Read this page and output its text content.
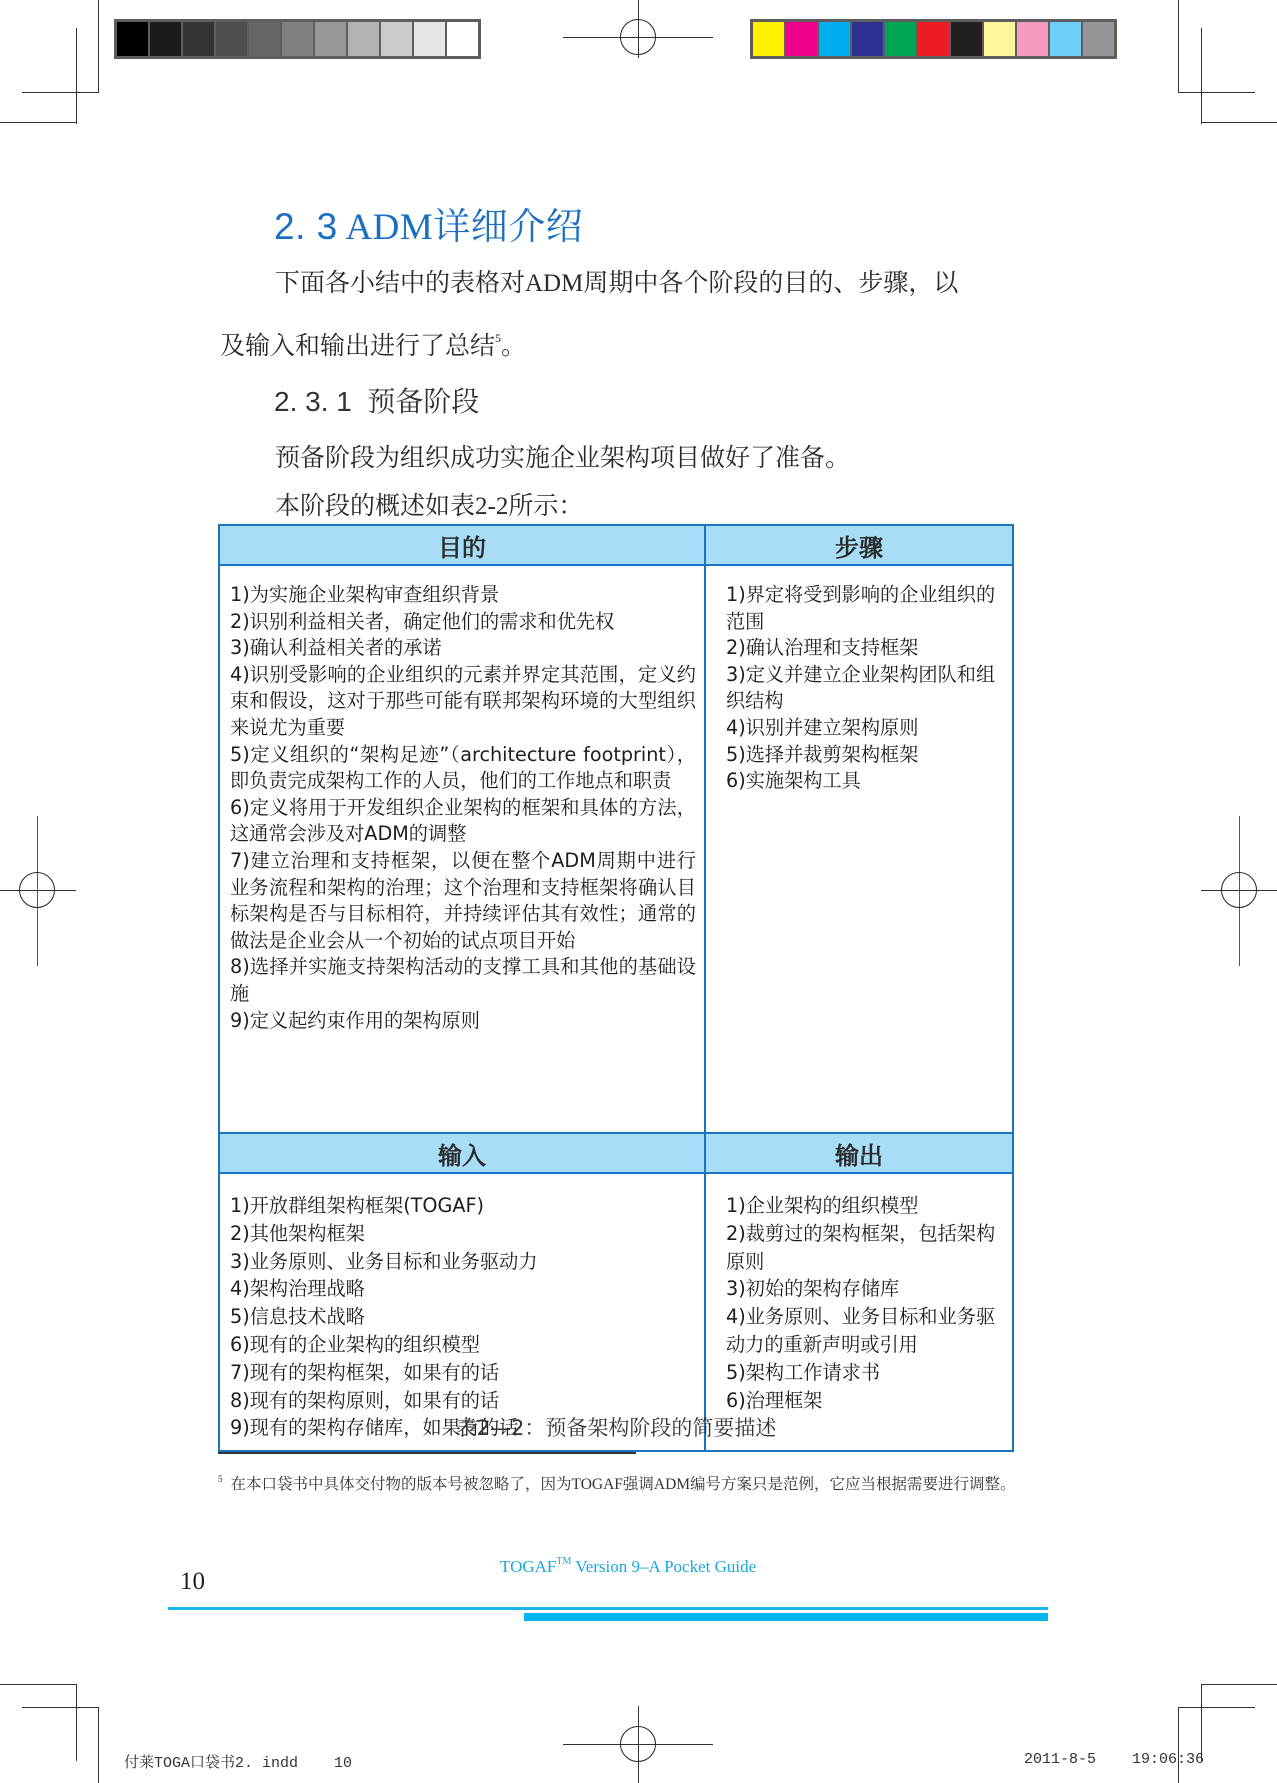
2. 3 ADM详细介绍
下面各小结中的表格对ADM周期中各个阶段的目的、步骤，以
及输入和输出进行了总结$^5$。
2. 3. 1 预备阶段
预备阶段为组织成功实施企业架构项目做好了准备。
本阶段的概述如表2-2所示：
目的	步骤

1)为实施企业架构审查组织背景
2)识别利益相关者，确定他们的需求和优先权
3)确认利益相关者的承诺
4)识别受影响的企业组织的元素并界定其范围，定义约束和假设，这对于那些可能有联邦架构环境的大型组织来说尤为重要
5)定义组织的“架构足迹”（architecture footprint），即负责完成架构工作的人员，他们的工作地点和职责
6)定义将用于开发组织企业架构的框架和具体的方法，这通常会涉及对ADM的调整
7)建立治理和支持框架，以便在整个ADM周期中进行业务流程和架构的治理；这个治理和支持框架将确认目标架构是否与目标相符，并持续评估其有效性；通常的做法是企业会从一个初始的试点项目开始
8)选择并实施支持架构活动的支撑工具和其他的基础设施
9)定义起约束作用的架构原则

1)界定将受到影响的企业组织的范围
2)确认治理和支持框架
3)定义并建立企业架构团队和组织结构
4)识别并建立架构原则
5)选择并裁剪架构框架
6)实施架构工具

输入	输出

1)开放群组架构框架(TOGAF)
2)其他架构框架
3)业务原则、业务目标和业务驱动力
4)架构治理战略
5)信息技术战略
6)现有的企业架构的组织模型
7)现有的架构框架，如果有的话
8)现有的架构原则，如果有的话
9)现有的架构存储库，如果有的话

1)企业架构的组织模型
2)裁剪过的架构框架，包括架构原则
3)初始的架构存储库
4)业务原则、业务目标和业务驱动力的重新声明或引用
5)架构工作请求书
6)治理框架
表2—2：预备架构阶段的简要描述
$^5$ 在本口袋书中具体交付物的版本号被忽略了，因为TOGAF强调ADM编号方案只是范例，它应当根据需要进行调整。
TOGAF™ Version 9–A Pocket Guide
10
付莱TOGA口袋书2. indd    10	2011-8-5    19:06:36
